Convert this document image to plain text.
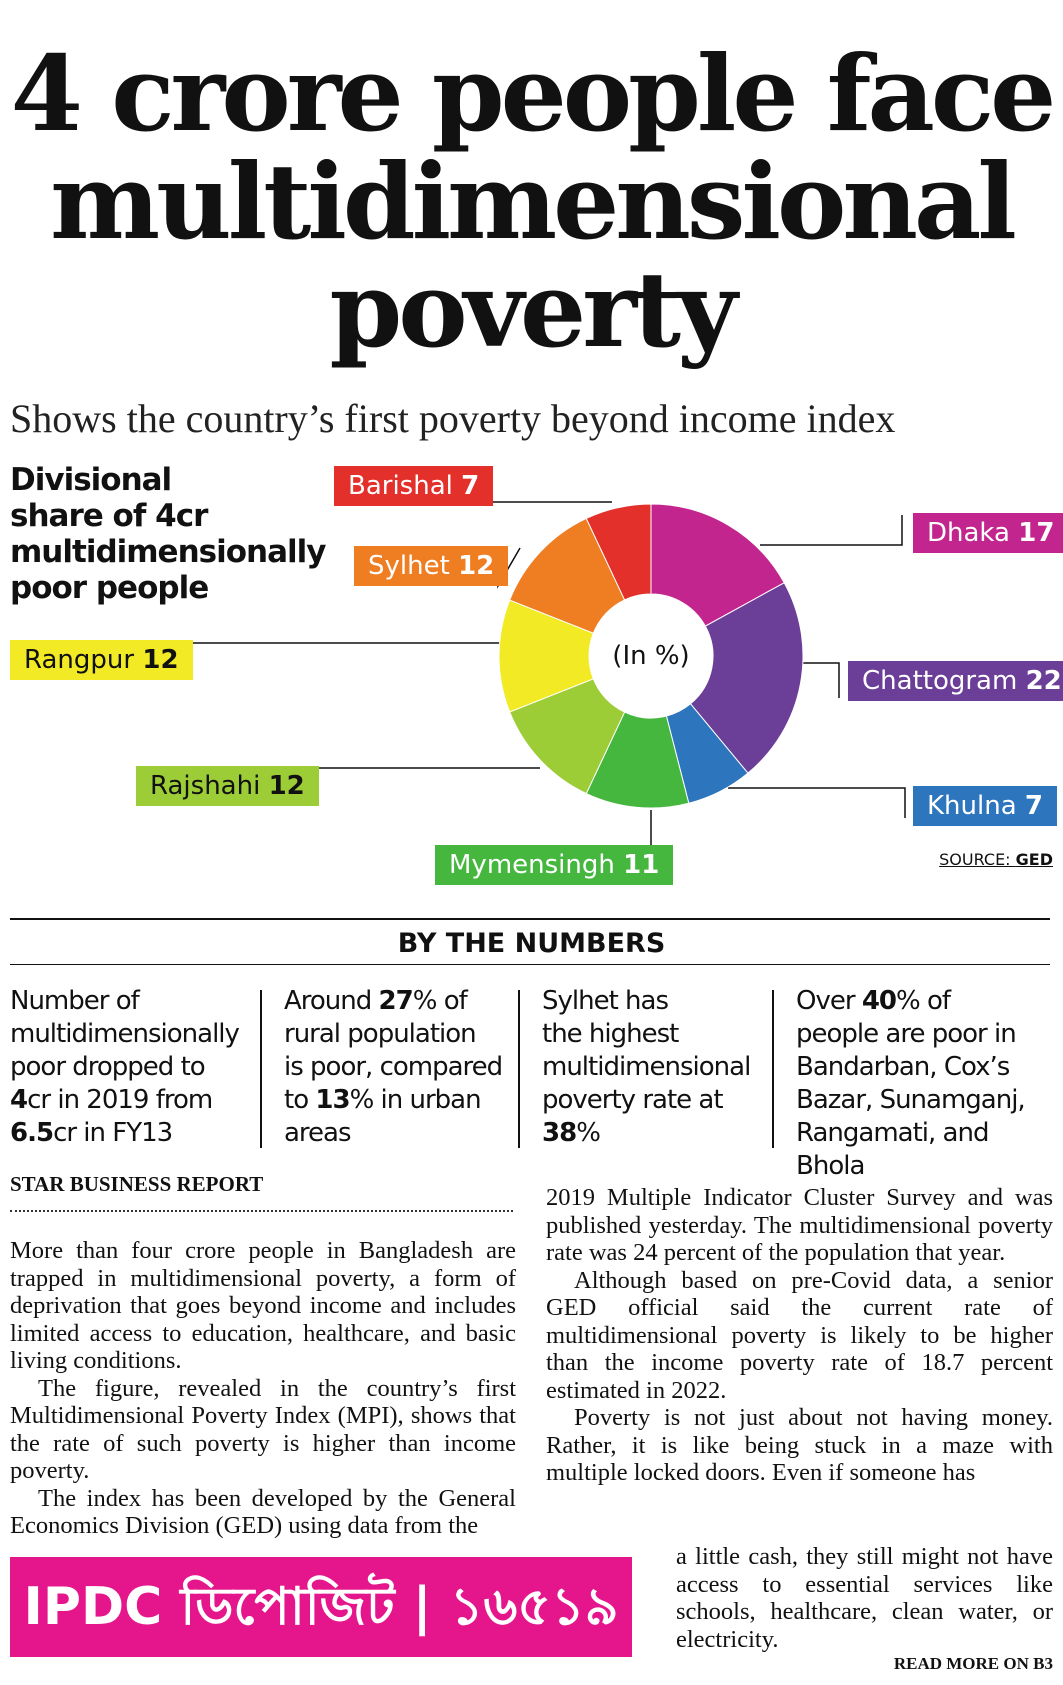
4 crore people face
multidimensional
poverty
Shows the country’s first poverty beyond income index
Divisional
share of 4cr
multidimensionally
poor people
(In %)
Barishal 7
Dhaka 17
Sylhet 12
Rangpur 12
Chattogram 22
Rajshahi 12
Khulna 7
Mymensingh 11	SOURCE: GED
BY THE NUMBERS
Number of
multidimensionally
poor dropped to
4cr in 2019 from
6.5cr in FY13
Around 27% of
rural population
is poor, compared
to 13% in urban
areas
Sylhet has
the highest
multidimensional
poverty rate at
38%
Over 40% of
people are poor in
Bandarban, Cox’s
Bazar, Sunamganj,
Rangamati, and Bhola
STAR BUSINESS REPORT

More than four crore people in Bangladesh are trapped in multidimensional poverty, a form of deprivation that goes beyond income and includes limited access to education, healthcare, and basic living conditions.

The figure, revealed in the country’s first Multidimensional Poverty Index (MPI), shows that the rate of such poverty is higher than income poverty.

The index has been developed by the General Economics Division (GED) using data from the

2019 Multiple Indicator Cluster Survey and was published yesterday. The multidimensional poverty rate was 24 percent of the population that year.

Although based on pre-Covid data, a senior GED official said the current rate of multidimensional poverty is likely to be higher than the income poverty rate of 18.7 percent estimated in 2022.

Poverty is not just about not having money. Rather, it is like being stuck in a maze with multiple locked doors. Even if someone has

a little cash, they still might not have access to essential services like schools, healthcare, clean water, or electricity.

IPDC ডিপোজিট | ১৬৫১৯
READ MORE ON B3
